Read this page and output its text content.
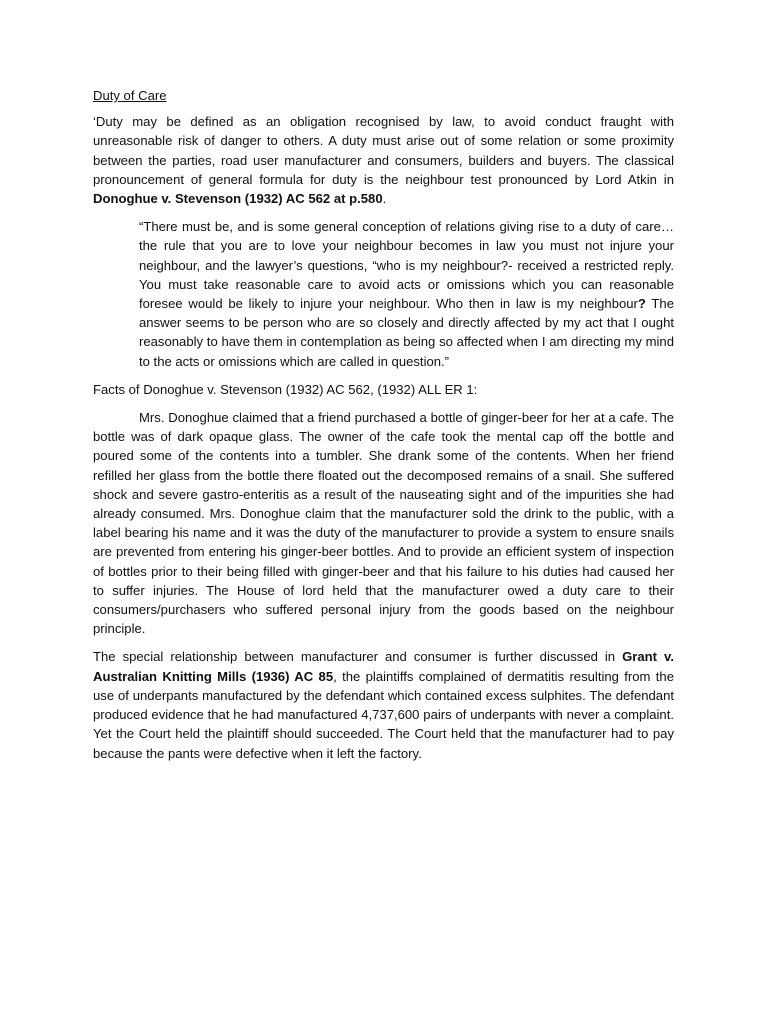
Duty of Care

‘Duty may be defined as an obligation recognised by law, to avoid conduct fraught with unreasonable risk of danger to others. A duty must arise out of some relation or some proximity between the parties, road user manufacturer and consumers, builders and buyers. The classical pronouncement of general formula for duty is the neighbour test pronounced by Lord Atkin in Donoghue v. Stevenson (1932) AC 562 at p.580.

“There must be, and is some general conception of relations giving rise to a duty of care… the rule that you are to love your neighbour becomes in law you must not injure your neighbour, and the lawyer’s questions, “who is my neighbour?- received a restricted reply. You must take reasonable care to avoid acts or omissions which you can reasonable foresee would be likely to injure your neighbour. Who then in law is my neighbour? The answer seems to be person who are so closely and directly affected by my act that I ought reasonably to have them in contemplation as being so affected when I am directing my mind to the acts or omissions which are called in question.”

Facts of Donoghue v. Stevenson (1932) AC 562, (1932) ALL ER 1:

Mrs. Donoghue claimed that a friend purchased a bottle of ginger-beer for her at a cafe. The bottle was of dark opaque glass. The owner of the cafe took the mental cap off the bottle and poured some of the contents into a tumbler. She drank some of the contents. When her friend refilled her glass from the bottle there floated out the decomposed remains of a snail. She suffered shock and severe gastro-enteritis as a result of the nauseating sight and of the impurities she had already consumed. Mrs. Donoghue claim that the manufacturer sold the drink to the public, with a label bearing his name and it was the duty of the manufacturer to provide a system to ensure snails are prevented from entering his ginger-beer bottles. And to provide an efficient system of inspection of bottles prior to their being filled with ginger-beer and that his failure to his duties had caused her to suffer injuries. The House of lord held that the manufacturer owed a duty care to their consumers/purchasers who suffered personal injury from the goods based on the neighbour principle.

The special relationship between manufacturer and consumer is further discussed in Grant v. Australian Knitting Mills (1936) AC 85, the plaintiffs complained of dermatitis resulting from the use of underpants manufactured by the defendant which contained excess sulphites. The defendant produced evidence that he had manufactured 4,737,600 pairs of underpants with never a complaint. Yet the Court held the plaintiff should succeeded. The Court held that the manufacturer had to pay because the pants were defective when it left the factory.
